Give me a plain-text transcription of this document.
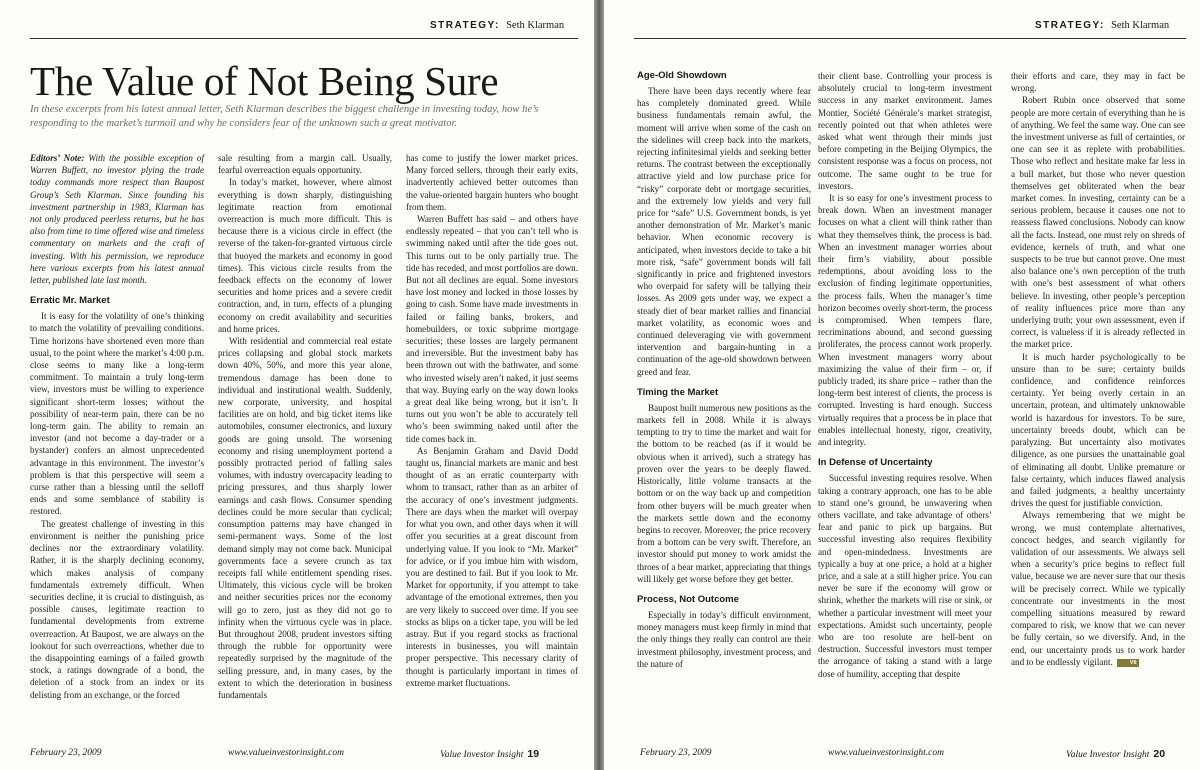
STRATEGY: Seth Klarman
The Value of Not Being Sure
In these excerpts from his latest annual letter, Seth Klarman describes the biggest challenge in investing today, how he’s responding to the market’s turmoil and why he considers fear of the unknown such a great motivator.

Editors’ Note: With the possible exception of Warren Buffett, no investor plying the trade today commands more respect than Baupost Group’s Seth Klarman. Since founding his investment partnership in 1983, Klarman has not only produced peerless returns, but he has also from time to time offered wise and timeless commentary on markets and the craft of investing. With his permission, we reproduce here various excerpts from his latest annual letter, published late last month.

Erratic Mr. Market

It is easy for the volatility of one’s thinking to match the volatility of prevailing conditions. Time horizons have shortened even more than usual, to the point where the market’s 4:00 p.m. close seems to many like a long-term commitment. To maintain a truly long-term view, investors must be willing to experience significant short-term losses; without the possibility of near-term pain, there can be no long-term gain. The ability to remain an investor (and not become a day-trader or a bystander) confers an almost unprecedented advantage in this environment. The investor’s problem is that this perspective will seem a curse rather than a blessing until the selloff ends and some semblance of stability is restored.

The greatest challenge of investing in this environment is neither the punishing price declines nor the extraordinary volatility. Rather, it is the sharply declining economy, which makes analysis of company fundamentals extremely difficult. When securities decline, it is crucial to distinguish, as possible causes, legitimate reaction to fundamental developments from extreme overreaction. At Baupost, we are always on the lookout for such overreactions, whether due to the disappointing earnings of a failed growth stock, a ratings downgrade of a bond, the deletion of a stock from an index or its delisting from an exchange, or the forced

sale resulting from a margin call. Usually, fearful overreaction equals opportunity.

In today’s market, however, where almost everything is down sharply, distinguishing legitimate reaction from emotional overreaction is much more difficult. This is because there is a vicious circle in effect (the reverse of the taken-for-granted virtuous circle that buoyed the markets and economy in good times). This vicious circle results from the feedback effects on the economy of lower securities and home prices and a severe credit contraction, and, in turn, effects of a plunging economy on credit availability and securities and home prices.

With residential and commercial real estate prices collapsing and global stock markets down 40%, 50%, and more this year alone, tremendous damage has been done to individual and institutional wealth. Suddenly, new corporate, university, and hospital facilities are on hold, and big ticket items like automobiles, consumer electronics, and luxury goods are going unsold. The worsening economy and rising unemployment portend a possibly protracted period of falling sales volumes, with industry overcapacity leading to pricing pressures, and thus sharply lower earnings and cash flows. Consumer spending declines could be more secular than cyclical; consumption patterns may have changed in semi-permanent ways. Some of the lost demand simply may not come back. Municipal governments face a severe crunch as tax receipts fall while entitlement spending rises. Ultimately, this vicious cycle will be broken and neither securities prices nor the economy will go to zero, just as they did not go to infinity when the virtuous cycle was in place. But throughout 2008, prudent investors sifting through the rubble for opportunity were repeatedly surprised by the magnitude of the selling pressure, and, in many cases, by the extent to which the deterioration in business fundamentals

has come to justify the lower market prices. Many forced sellers, through their early exits, inadvertently achieved better outcomes than the value-oriented bargain hunters who bought from them.

Warren Buffett has said – and others have endlessly repeated – that you can’t tell who is swimming naked until after the tide goes out. This turns out to be only partially true. The tide has receded, and most portfolios are down. But not all declines are equal. Some investors have lost money and locked in those losses by going to cash. Some have made investments in failed or failing banks, brokers, and homebuilders, or toxic subprime mortgage securities; these losses are largely permanent and irreversible. But the investment baby has been thrown out with the bathwater, and some who invested wisely aren’t naked, it just seems that way. Buying early on the way down looks a great deal like being wrong, but it isn’t. It turns out you won’t be able to accurately tell who’s been swimming naked until after the tide comes back in.

As Benjamin Graham and David Dodd taught us, financial markets are manic and best thought of as an erratic counterparty with whom to transact, rather than as an arbiter of the accuracy of one’s investment judgments. There are days when the market will overpay for what you own, and other days when it will offer you securities at a great discount from underlying value. If you look to “Mr. Market” for advice, or if you imbue him with wisdom, you are destined to fail. But if you look to Mr. Market for opportunity, if you attempt to take advantage of the emotional extremes, then you are very likely to succeed over time. If you see stocks as blips on a ticker tape, you will be led astray. But if you regard stocks as fractional interests in businesses, you will maintain proper perspective. This necessary clarity of thought is particularly important in times of extreme market fluctuations.

February 23, 2009	www.valueinvestorinsight.com	Value Investor Insight 19
STRATEGY: Seth Klarman
Age-Old Showdown

There have been days recently where fear has completely dominated greed. While business fundamentals remain awful, the moment will arrive when some of the cash on the sidelines will creep back into the markets, rejecting infinitesimal yields and seeking better returns. The contrast between the exceptionally attractive yield and low purchase price for “risky” corporate debt or mortgage securities, and the extremely low yields and very full price for “safe” U.S. Government bonds, is yet another demonstration of Mr. Market’s manic behavior. When economic recovery is anticipated, when investors decide to take a bit more risk, “safe” government bonds will fall significantly in price and frightened investors who overpaid for safety will be tallying their losses. As 2009 gets under way, we expect a steady diet of bear market rallies and financial market volatility, as economic woes and continued deleveraging vie with government intervention and bargain-hunting in a continuation of the age-old showdown between greed and fear.

Timing the Market

Baupost built numerous new positions as the markets fell in 2008. While it is always tempting to try to time the market and wait for the bottom to be reached (as if it would be obvious when it arrived), such a strategy has proven over the years to be deeply flawed. Historically, little volume transacts at the bottom or on the way back up and competition from other buyers will be much greater when the markets settle down and the economy begins to recover. Moreover, the price recovery from a bottom can be very swift. Therefore, an investor should put money to work amidst the throes of a bear market, appreciating that things will likely get worse before they get better.

Process, Not Outcome

Especially in today’s difficult environment, money managers must keep firmly in mind that the only things they really can control are their investment philosophy, investment process, and the nature of

their client base. Controlling your process is absolutely crucial to long-term investment success in any market environment. James Montier, Société Générale’s market strategist, recently pointed out that when athletes were asked what went through their minds just before competing in the Beijing Olympics, the consistent response was a focus on process, not outcome. The same ought to be true for investors.

It is so easy for one’s investment process to break down. When an investment manager focuses on what a client will think rather than what they themselves think, the process is bad. When an investment manager worries about their firm’s viability, about possible redemptions, about avoiding loss to the exclusion of finding legitimate opportunities, the process fails. When the manager’s time horizon becomes overly short-term, the process is compromised. When tempers flare, recriminations abound, and second guessing proliferates, the process cannot work properly. When investment managers worry about maximizing the value of their firm – or, if publicly traded, its share price – rather than the long-term best interest of clients, the process is corrupted. Investing is hard enough. Success virtually requires that a process be in place that enables intellectual honesty, rigor, creativity, and integrity.

In Defense of Uncertainty

Successful investing requires resolve. When taking a contrary approach, one has to be able to stand one’s ground, be unwavering when others vacillate, and take advantage of others’ fear and panic to pick up bargains. But successful investing also requires flexibility and open-mindedness. Investments are typically a buy at one price, a hold at a higher price, and a sale at a still higher price. You can never be sure if the economy will grow or shrink, whether the markets will rise or sink, or whether a particular investment will meet your expectations. Amidst such uncertainty, people who are too resolute are hell-bent on destruction. Successful investors must temper the arrogance of taking a stand with a large dose of humility, accepting that despite

their efforts and care, they may in fact be wrong.

Robert Rubin once observed that some people are more certain of everything than he is of anything. We feel the same way. One can see the investment universe as full of certainties, or one can see it as replete with probabilities. Those who reflect and hesitate make far less in a bull market, but those who never question themselves get obliterated when the bear market comes. In investing, certainty can be a serious problem, because it causes one not to reassess flawed conclusions. Nobody can know all the facts. Instead, one must rely on shreds of evidence, kernels of truth, and what one suspects to be true but cannot prove. One must also balance one’s own perception of the truth with one’s best assessment of what others believe. In investing, other people’s perception of reality influences price more than any underlying truth; your own assessment, even if correct, is valueless if it is already reflected in the market price.

It is much harder psychologically to be unsure than to be sure; certainty builds confidence, and confidence reinforces certainty. Yet being overly certain in an uncertain, protean, and ultimately unknowable world is hazardous for investors. To be sure, uncertainty breeds doubt, which can be paralyzing. But uncertainty also motivates diligence, as one pursues the unattainable goal of eliminating all doubt. Unlike premature or false certainty, which induces flawed analysis and failed judgments, a healthy uncertainty drives the quest for justifiable conviction.

Always remembering that we might be wrong, we must contemplate alternatives, concoct hedges, and search vigilantly for validation of our assessments. We always sell when a security’s price begins to reflect full value, because we are never sure that our thesis will be precisely correct. While we typically concentrate our investments in the most compelling situations measured by reward compared to risk, we know that we can never be fully certain, so we diversify. And, in the end, our uncertainty prods us to work harder and to be endlessly vigilant.	VII

February 23, 2009	www.valueinvestorinsight.com	Value Investor Insight 20
